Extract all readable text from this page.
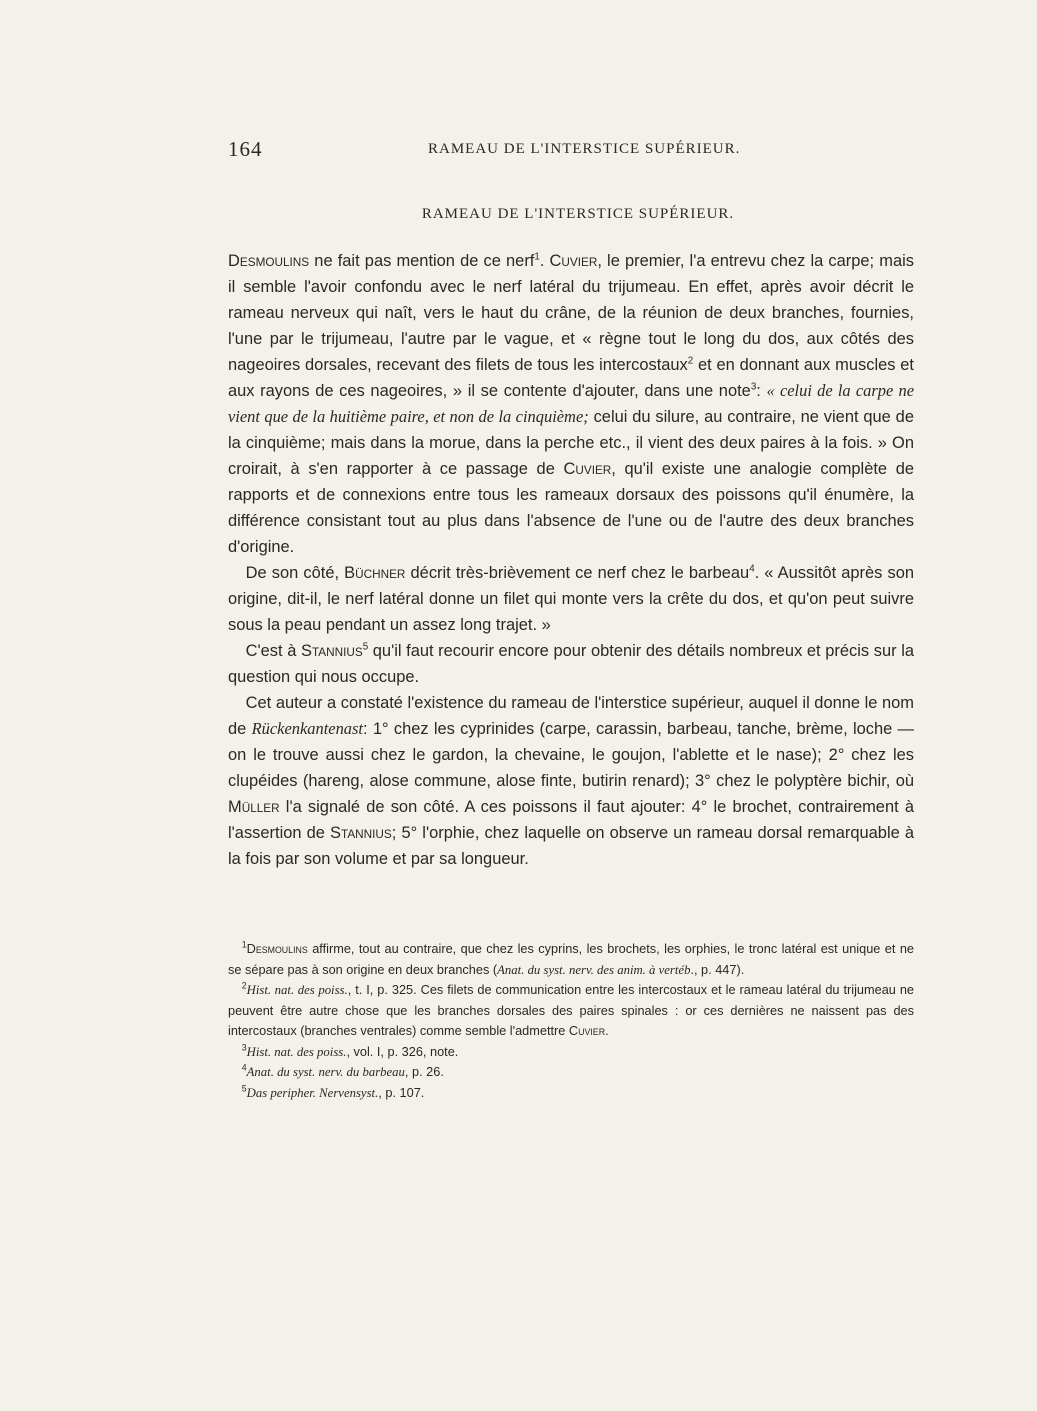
164	RAMEAU DE L'INTERSTICE SUPÉRIEUR.
RAMEAU DE L'INTERSTICE SUPÉRIEUR.

Desmoulins ne fait pas mention de ce nerf$^1$. Cuvier, le premier, l'a entrevu chez la carpe; mais il semble l'avoir confondu avec le nerf latéral du trijumeau. En effet, après avoir décrit le rameau nerveux qui naît, vers le haut du crâne, de la réunion de deux branches, fournies, l'une par le trijumeau, l'autre par le vague, et « règne tout le long du dos, aux côtés des nageoires dorsales, recevant des filets de tous les intercostaux$^2$ et en donnant aux muscles et aux rayons de ces nageoires, » il se contente d'ajouter, dans une note$^3$: « celui de la carpe ne vient que de la huitième paire, et non de la cinquième; celui du silure, au contraire, ne vient que de la cinquième; mais dans la morue, dans la perche etc., il vient des deux paires à la fois. » On croirait, à s'en rapporter à ce passage de Cuvier, qu'il existe une analogie complète de rapports et de connexions entre tous les rameaux dorsaux des poissons qu'il énumère, la différence consistant tout au plus dans l'absence de l'une ou de l'autre des deux branches d'origine.

De son côté, Büchner décrit très-brièvement ce nerf chez le barbeau$^4$. « Aussitôt après son origine, dit-il, le nerf latéral donne un filet qui monte vers la crête du dos, et qu'on peut suivre sous la peau pendant un assez long trajet. »

C'est à Stannius$^5$ qu'il faut recourir encore pour obtenir des détails nombreux et précis sur la question qui nous occupe.

Cet auteur a constaté l'existence du rameau de l'interstice supérieur, auquel il donne le nom de Rückenkantenast: 1° chez les cyprinides (carpe, carassin, barbeau, tanche, brème, loche — on le trouve aussi chez le gardon, la chevaine, le goujon, l'ablette et le nase); 2° chez les clupéides (hareng, alose commune, alose finte, butirin renard); 3° chez le polyptère bichir, où Müller l'a signalé de son côté. A ces poissons il faut ajouter: 4° le brochet, contrairement à l'assertion de Stannius; 5° l'orphie, chez laquelle on observe un rameau dorsal remarquable à la fois par son volume et par sa longueur.

$^1$Desmoulins affirme, tout au contraire, que chez les cyprins, les brochets, les orphies, le tronc latéral est unique et ne se sépare pas à son origine en deux branches (Anat. du syst. nerv. des anim. à vertéb., p. 447).

$^2$Hist. nat. des poiss., t. I, p. 325. Ces filets de communication entre les intercostaux et le rameau latéral du trijumeau ne peuvent être autre chose que les branches dorsales des paires spinales : or ces dernières ne naissent pas des intercostaux (branches ventrales) comme semble l'admettre Cuvier.

$^3$Hist. nat. des poiss., vol. I, p. 326, note.

$^4$Anat. du syst. nerv. du barbeau, p. 26.

$^5$Das peripher. Nervensyst., p. 107.
